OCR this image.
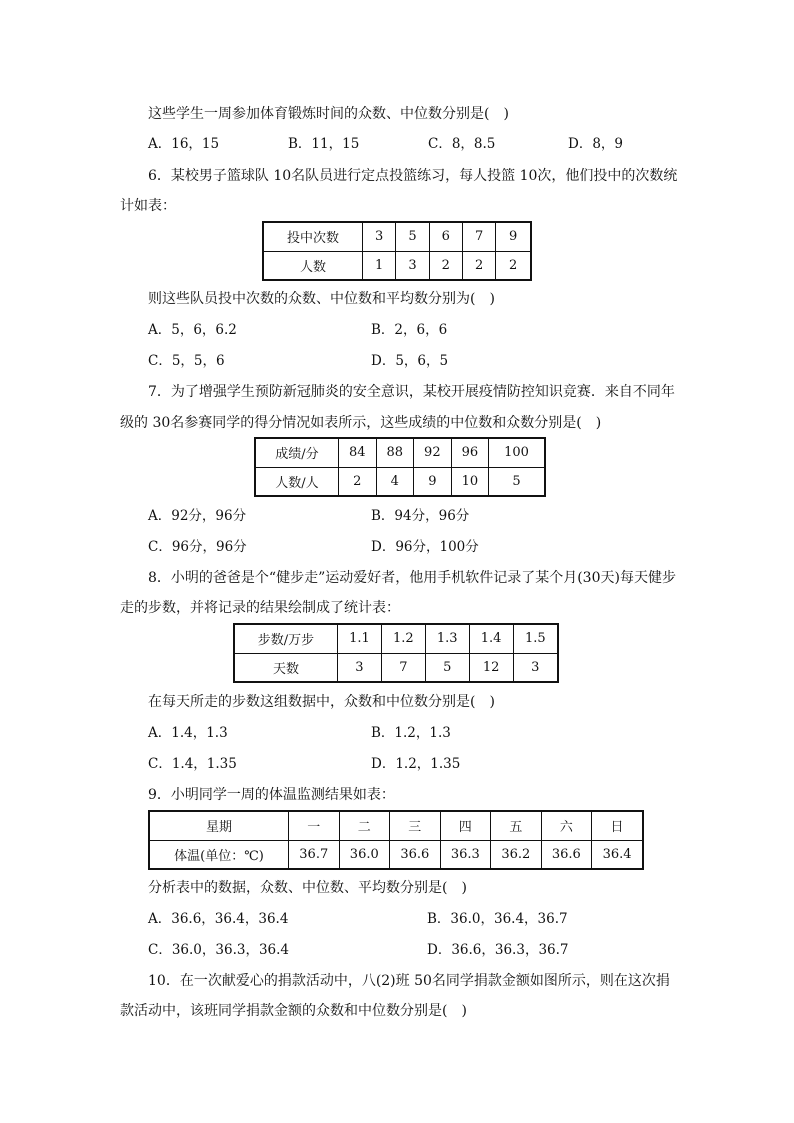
这些学生一周参加体育锻炼时间的众数、中位数分别是(　)
A．16，15	B．11，15	C．8，8.5	D．8，9
6．某校男子篮球队 10名队员进行定点投篮练习，每人投篮 10次，他们投中的次数统
计如表：
投中次数	3	5	6	7	9
人数	1	3	2	2	2
则这些队员投中次数的众数、中位数和平均数分别为(　)
A．5，6，6.2	B．2，6，6
C．5，5，6	D．5，6，5
7．为了增强学生预防新冠肺炎的安全意识，某校开展疫情防控知识竞赛．来自不同年
级的 30名参赛同学的得分情况如表所示，这些成绩的中位数和众数分别是(　)
成绩/分	84	88	92	96	100
人数/人	2	4	9	10	5
A．92分，96分	B．94分，96分
C．96分，96分	D．96分，100分
8．小明的爸爸是个“健步走”运动爱好者，他用手机软件记录了某个月(30天)每天健步
走的步数，并将记录的结果绘制成了统计表：
步数/万步	1.1	1.2	1.3	1.4	1.5
天数	3	7	5	12	3
在每天所走的步数这组数据中，众数和中位数分别是(　)
A．1.4，1.3	B．1.2，1.3
C．1.4，1.35	D．1.2，1.35
9．小明同学一周的体温监测结果如表：
星期	一	二	三	四	五	六	日
体温(单位：℃)	36.7	36.0	36.6	36.3	36.2	36.6	36.4
分析表中的数据，众数、中位数、平均数分别是(　)
A．36.6，36.4，36.4	B．36.0，36.4，36.7
C．36.0，36.3，36.4	D．36.6，36.3，36.7
10．在一次献爱心的捐款活动中，八(2)班 50名同学捐款金额如图所示，则在这次捐
款活动中，该班同学捐款金额的众数和中位数分别是(　)
